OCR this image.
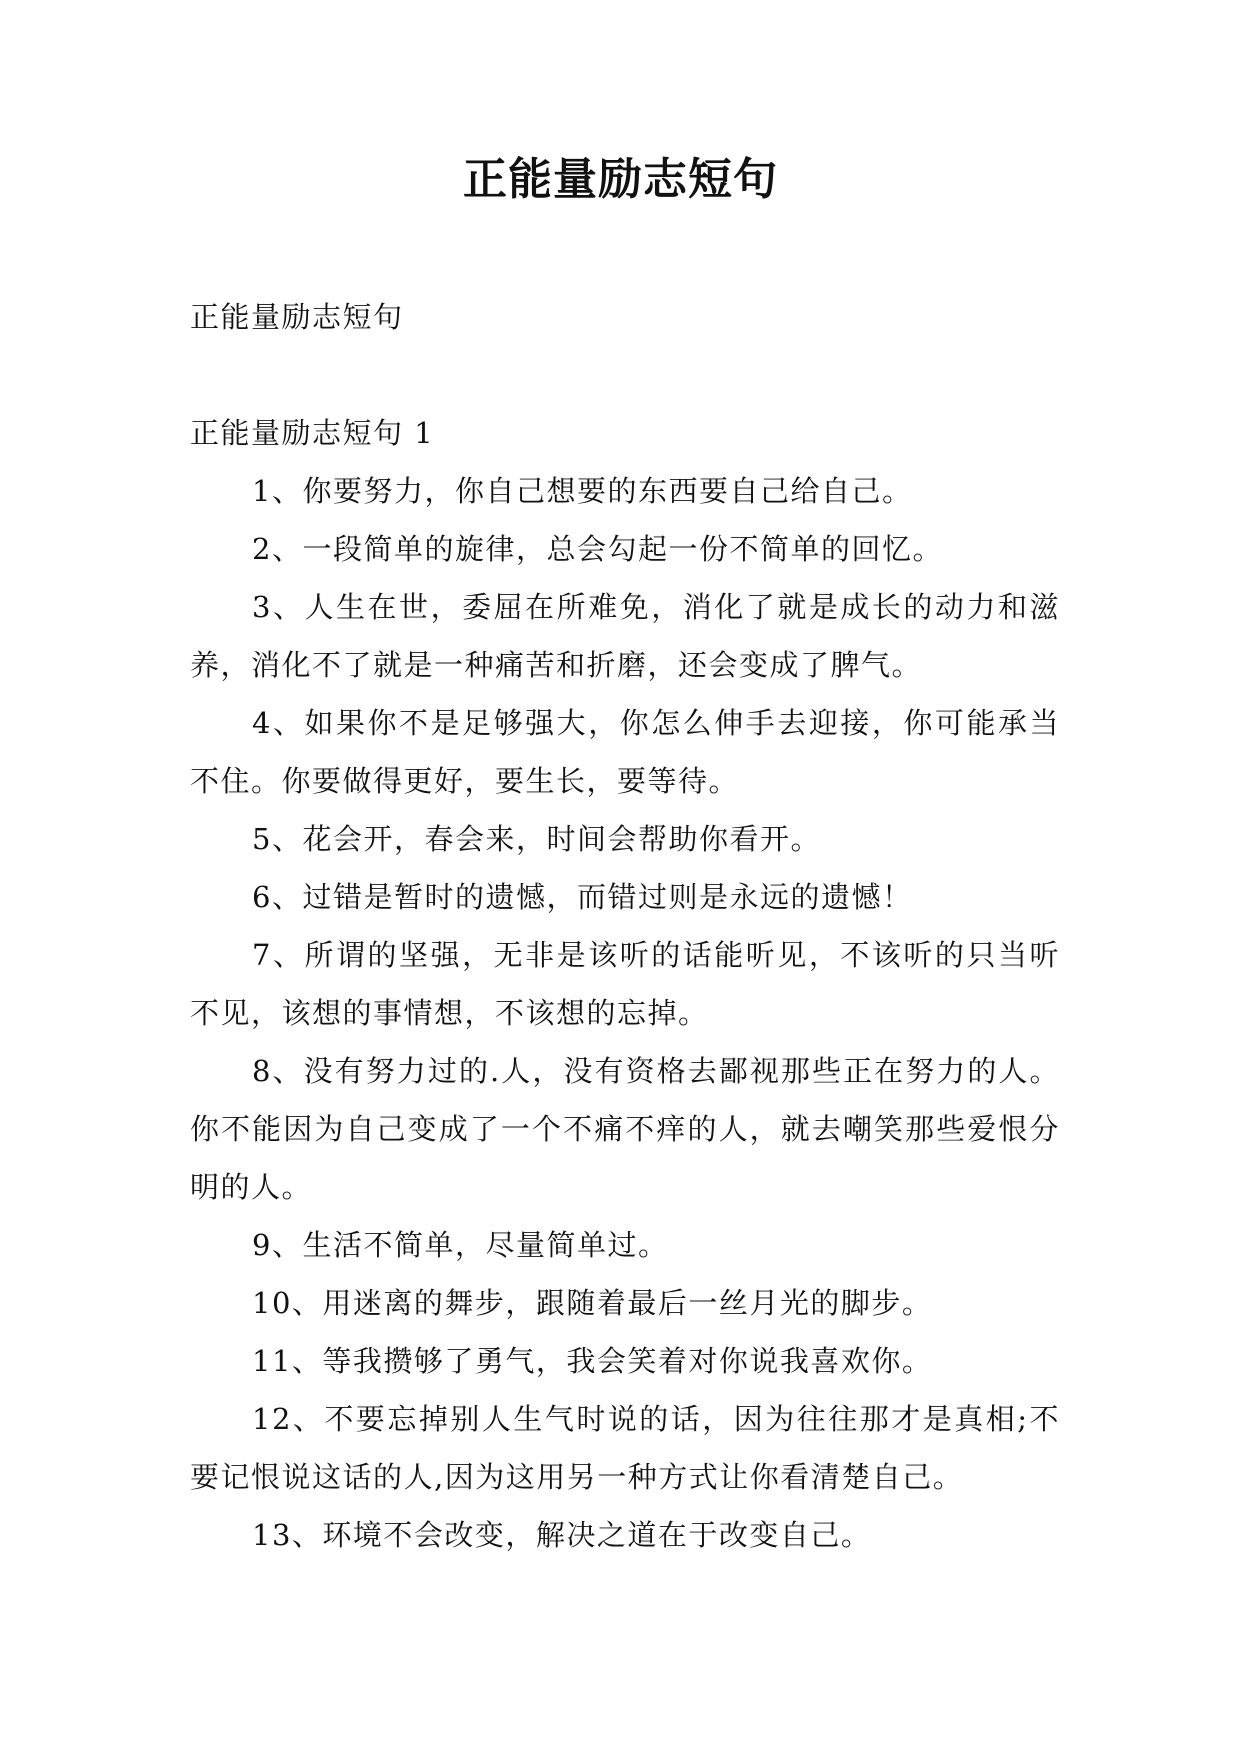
正能量励志短句

正能量励志短句

正能量励志短句 1

1、你要努力，你自己想要的东西要自己给自己。

2、一段简单的旋律，总会勾起一份不简单的回忆。

3、人生在世，委屈在所难免，消化了就是成长的动力和滋养，消化不了就是一种痛苦和折磨，还会变成了脾气。

4、如果你不是足够强大，你怎么伸手去迎接，你可能承当不住。你要做得更好，要生长，要等待。

5、花会开，春会来，时间会帮助你看开。

6、过错是暂时的遗憾，而错过则是永远的遗憾！

7、所谓的坚强，无非是该听的话能听见，不该听的只当听不见，该想的事情想，不该想的忘掉。

8、没有努力过的.人，没有资格去鄙视那些正在努力的人。你不能因为自己变成了一个不痛不痒的人，就去嘲笑那些爱恨分明的人。

9、生活不简单，尽量简单过。

10、用迷离的舞步，跟随着最后一丝月光的脚步。

11、等我攒够了勇气，我会笑着对你说我喜欢你。

12、不要忘掉别人生气时说的话，因为往往那才是真相;不要记恨说这话的人,因为这用另一种方式让你看清楚自己。

13、环境不会改变，解决之道在于改变自己。
